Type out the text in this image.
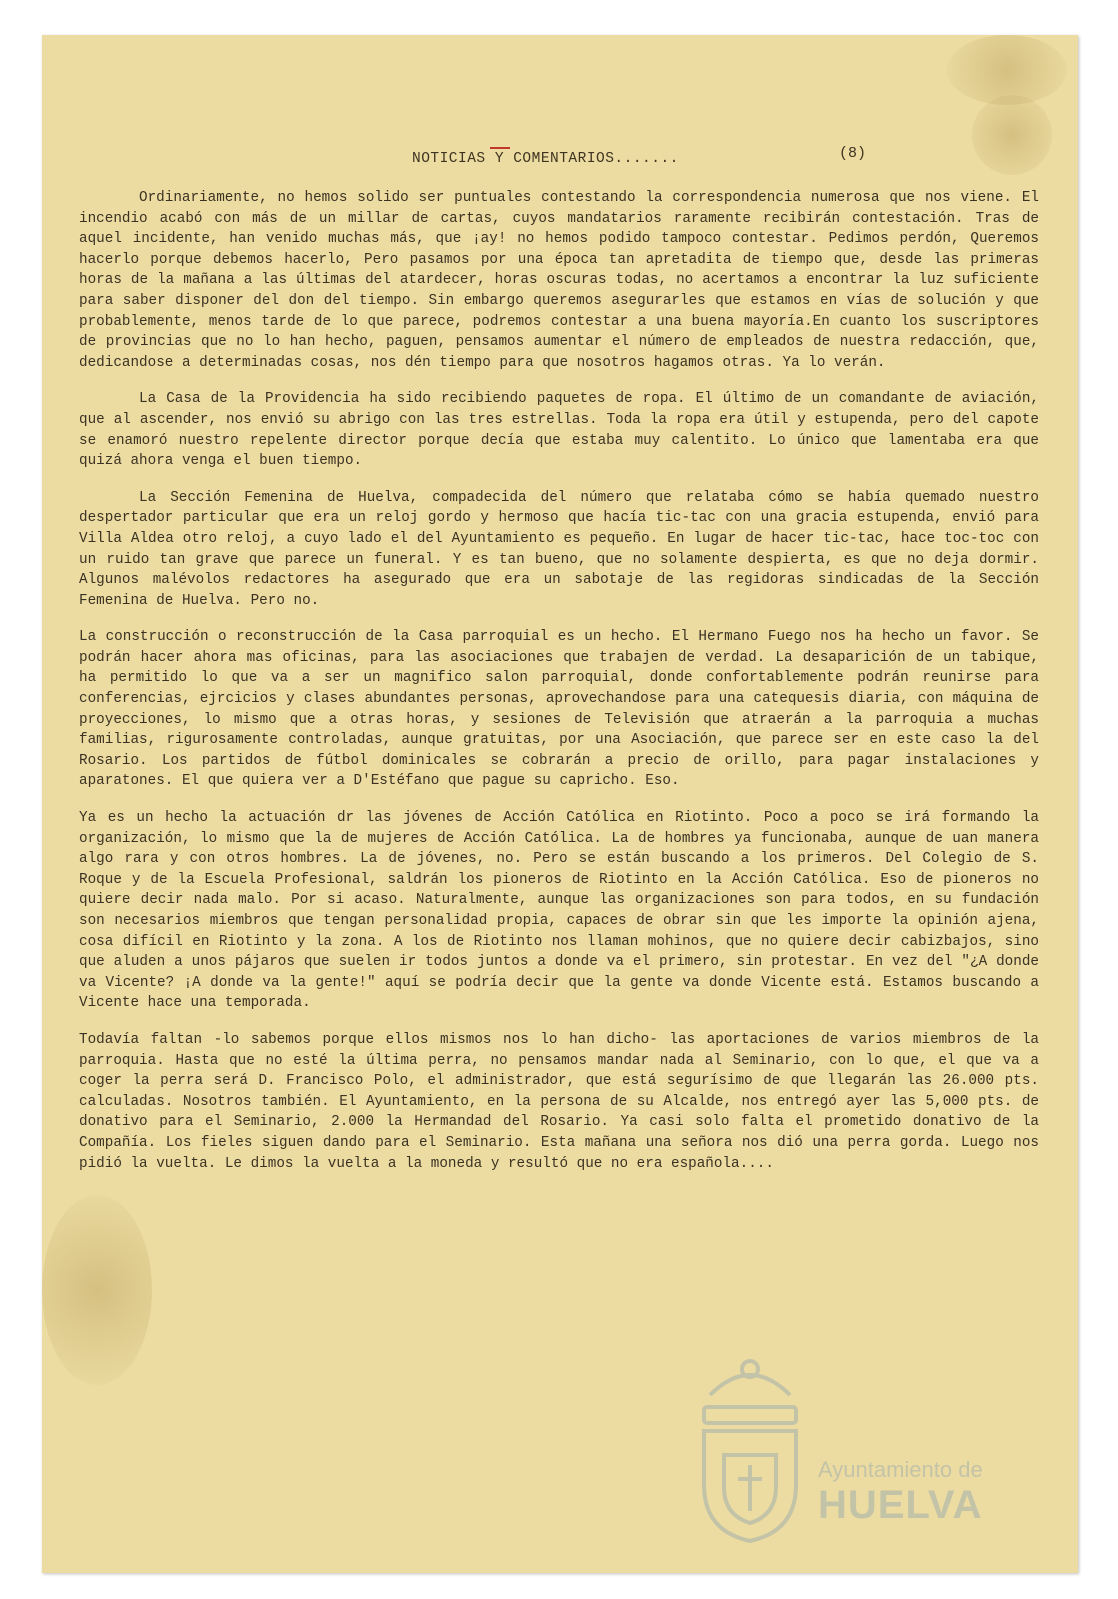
NOTICIAS Y COMENTARIOS.......	(8)

Ordinariamente, no hemos solido ser puntuales contestando la correspondencia numerosa que nos viene. El incendio acabó con más de un millar de cartas, cuyos mandatarios raramente recibirán contestación. Tras de aquel incidente, han venido muchas más, que ¡ay! no hemos podido tampoco contestar. Pedimos perdón, Queremos hacerlo porque debemos hacerlo, Pero pasamos por una época tan apretadita de tiempo que, desde las primeras horas de la mañana a las últimas del atardecer, horas oscuras todas, no acertamos a encontrar la luz suficiente para saber disponer del don del tiempo. Sin embargo queremos asegurarles que estamos en vías de solución y que probablemente, menos tarde de lo que parece, podremos contestar a una buena mayoría.En cuanto los suscriptores de provincias que no lo han hecho, paguen, pensamos aumentar el número de empleados de nuestra redacción, que, dedicandose a determinadas cosas, nos dén tiempo para que nosotros hagamos otras. Ya lo verán.

La Casa de la Providencia ha sido recibiendo paquetes de ropa. El último de un comandante de aviación, que al ascender, nos envió su abrigo con las tres estrellas. Toda la ropa era útil y estupenda, pero del capote se enamoró nuestro repelente director porque decía que estaba muy calentito. Lo único que lamentaba era que quizá ahora venga el buen tiempo.

La Sección Femenina de Huelva, compadecida del número que relataba cómo se había quemado nuestro despertador particular que era un reloj gordo y hermoso que hacía tic-tac con una gracia estupenda, envió para Villa Aldea otro reloj, a cuyo lado el del Ayuntamiento es pequeño. En lugar de hacer tic-tac, hace toc-toc con un ruido tan grave que parece un funeral. Y es tan bueno, que no solamente despierta, es que no deja dormir. Algunos malévolos redactores ha asegurado que era un sabotaje de las regidoras sindicadas de la Sección Femenina de Huelva. Pero no.

La construcción o reconstrucción de la Casa parroquial es un hecho. El Hermano Fuego nos ha hecho un favor. Se podrán hacer ahora mas oficinas, para las asociaciones que trabajen de verdad. La desaparición de un tabique, ha permitido lo que va a ser un magnifico salon parroquial, donde confortablemente podrán reunirse para conferencias, ejrcicios y clases abundantes personas, aprovechandose para una catequesis diaria, con máquina de proyecciones, lo mismo que a otras horas, y sesiones de Televisión que atraerán a la parroquia a muchas familias, rigurosamente controladas, aunque gratuitas, por una Asociación, que parece ser en este caso la del Rosario. Los partidos de fútbol dominicales se cobrarán a precio de orillo, para pagar instalaciones y aparatones. El que quiera ver a D'Estéfano que pague su capricho. Eso.

Ya es un hecho la actuación dr las jóvenes de Acción Católica en Riotinto. Poco a poco se irá formando la organización, lo mismo que la de mujeres de Acción Católica. La de hombres ya funcionaba, aunque de uan manera algo rara y con otros hombres. La de jóvenes, no. Pero se están buscando a los primeros. Del Colegio de S. Roque y de la Escuela Profesional, saldrán los pioneros de Riotinto en la Acción Católica. Eso de pioneros no quiere decir nada malo. Por si acaso. Naturalmente, aunque las organizaciones son para todos, en su fundación son necesarios miembros que tengan personalidad propia, capaces de obrar sin que les importe la opinión ajena, cosa difícil en Riotinto y la zona. A los de Riotinto nos llaman mohinos, que no quiere decir cabizbajos, sino que aluden a unos pájaros que suelen ir todos juntos a donde va el primero, sin protestar. En vez del "¿A donde va Vicente? ¡A donde va la gente!" aquí se podría decir que la gente va donde Vicente está. Estamos buscando a Vicente hace una temporada.

Todavía faltan -lo sabemos porque ellos mismos nos lo han dicho- las aportaciones de varios miembros de la parroquia. Hasta que no esté la última perra, no pensamos mandar nada al Seminario, con lo que, el que va a coger la perra será D. Francisco Polo, el administrador, que está segurísimo de que llegarán las 26.000 pts. calculadas. Nosotros también. El Ayuntamiento, en la persona de su Alcalde, nos entregó ayer las 5,000 pts. de donativo para el Seminario, 2.000 la Hermandad del Rosario. Ya casi solo falta el prometido donativo de la Compañía. Los fieles siguen dando para el Seminario. Esta mañana una señora nos dió una perra gorda. Luego nos pidió la vuelta. Le dimos la vuelta a la moneda y resultó que no era española....

Ayuntamiento de
HUELVA
